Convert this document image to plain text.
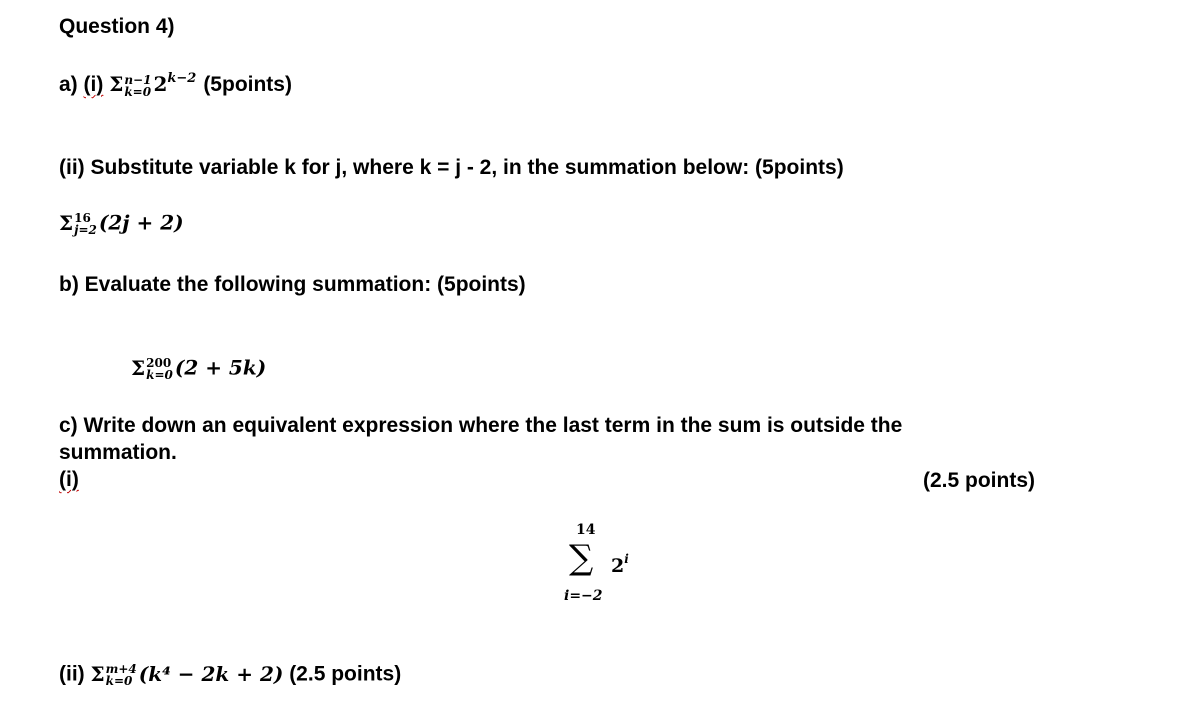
Question 4)
a) (i) Σ n−1
k=0 $2^{k-2}$ (5points)
(ii) Substitute variable k for j, where k = j - 2, in the summation below: (5points)
Σ 16
j=2 (2j + 2)
b) Evaluate the following summation: (5points)
Σ 200
k=0 (2 + 5k)
c) Write down an equivalent expression where the last term in the sum is outside the
summation.
(i)	(2.5 points)
14
∑ 2$^i$
i=−2
(ii) Σ m+4
k=0 (k⁴ − 2k + 2) (2.5 points)
